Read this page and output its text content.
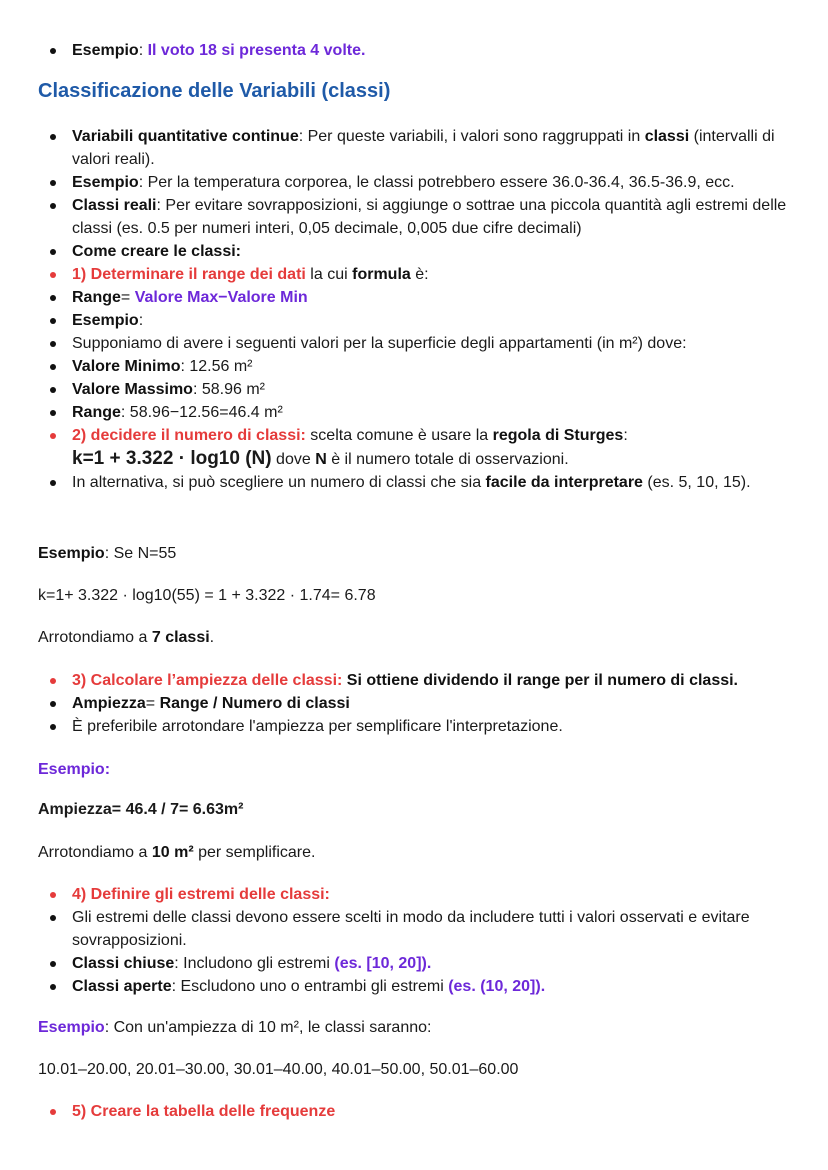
Esempio: Il voto 18 si presenta 4 volte.
Classificazione delle Variabili (classi)
Variabili quantitative continue: Per queste variabili, i valori sono raggruppati in classi (intervalli di valori reali).
Esempio: Per la temperatura corporea, le classi potrebbero essere 36.0-36.4, 36.5-36.9, ecc.
Classi reali: Per evitare sovrapposizioni, si aggiunge o sottrae una piccola quantità agli estremi delle classi (es. 0.5 per numeri interi, 0,05 decimale, 0,005 due cifre decimali)
Come creare le classi:
1) Determinare il range dei dati la cui formula è:
Range= Valore Max−Valore Min
Esempio:
Supponiamo di avere i seguenti valori per la superficie degli appartamenti (in m²) dove:
Valore Minimo: 12.56 m²
Valore Massimo: 58.96 m²
Range: 58.96−12.56=46.4 m²
2) decidere il numero di classi: scelta comune è usare la regola di Sturges:
k=1 + 3.322 · log10 (N) dove N è il numero totale di osservazioni.
In alternativa, si può scegliere un numero di classi che sia facile da interpretare (es. 5, 10, 15).
Esempio: Se N=55
k=1+ 3.322 · log10(55) = 1 + 3.322 · 1.74= 6.78
Arrotondiamo a 7 classi.
3) Calcolare l’ampiezza delle classi: Si ottiene dividendo il range per il numero di classi.
Ampiezza= Range / Numero di classi
È preferibile arrotondare l'ampiezza per semplificare l'interpretazione.
Esempio:
Ampiezza= 46.4 / 7= 6.63m²
Arrotondiamo a 10 m² per semplificare.
4) Definire gli estremi delle classi:
Gli estremi delle classi devono essere scelti in modo da includere tutti i valori osservati e evitare sovrapposizioni.
Classi chiuse: Includono gli estremi (es. [10, 20]).
Classi aperte: Escludono uno o entrambi gli estremi (es. (10, 20]).
Esempio: Con un'ampiezza di 10 m², le classi saranno:
10.01–20.00, 20.01–30.00, 30.01–40.00, 40.01–50.00, 50.01–60.00
5) Creare la tabella delle frequenze
